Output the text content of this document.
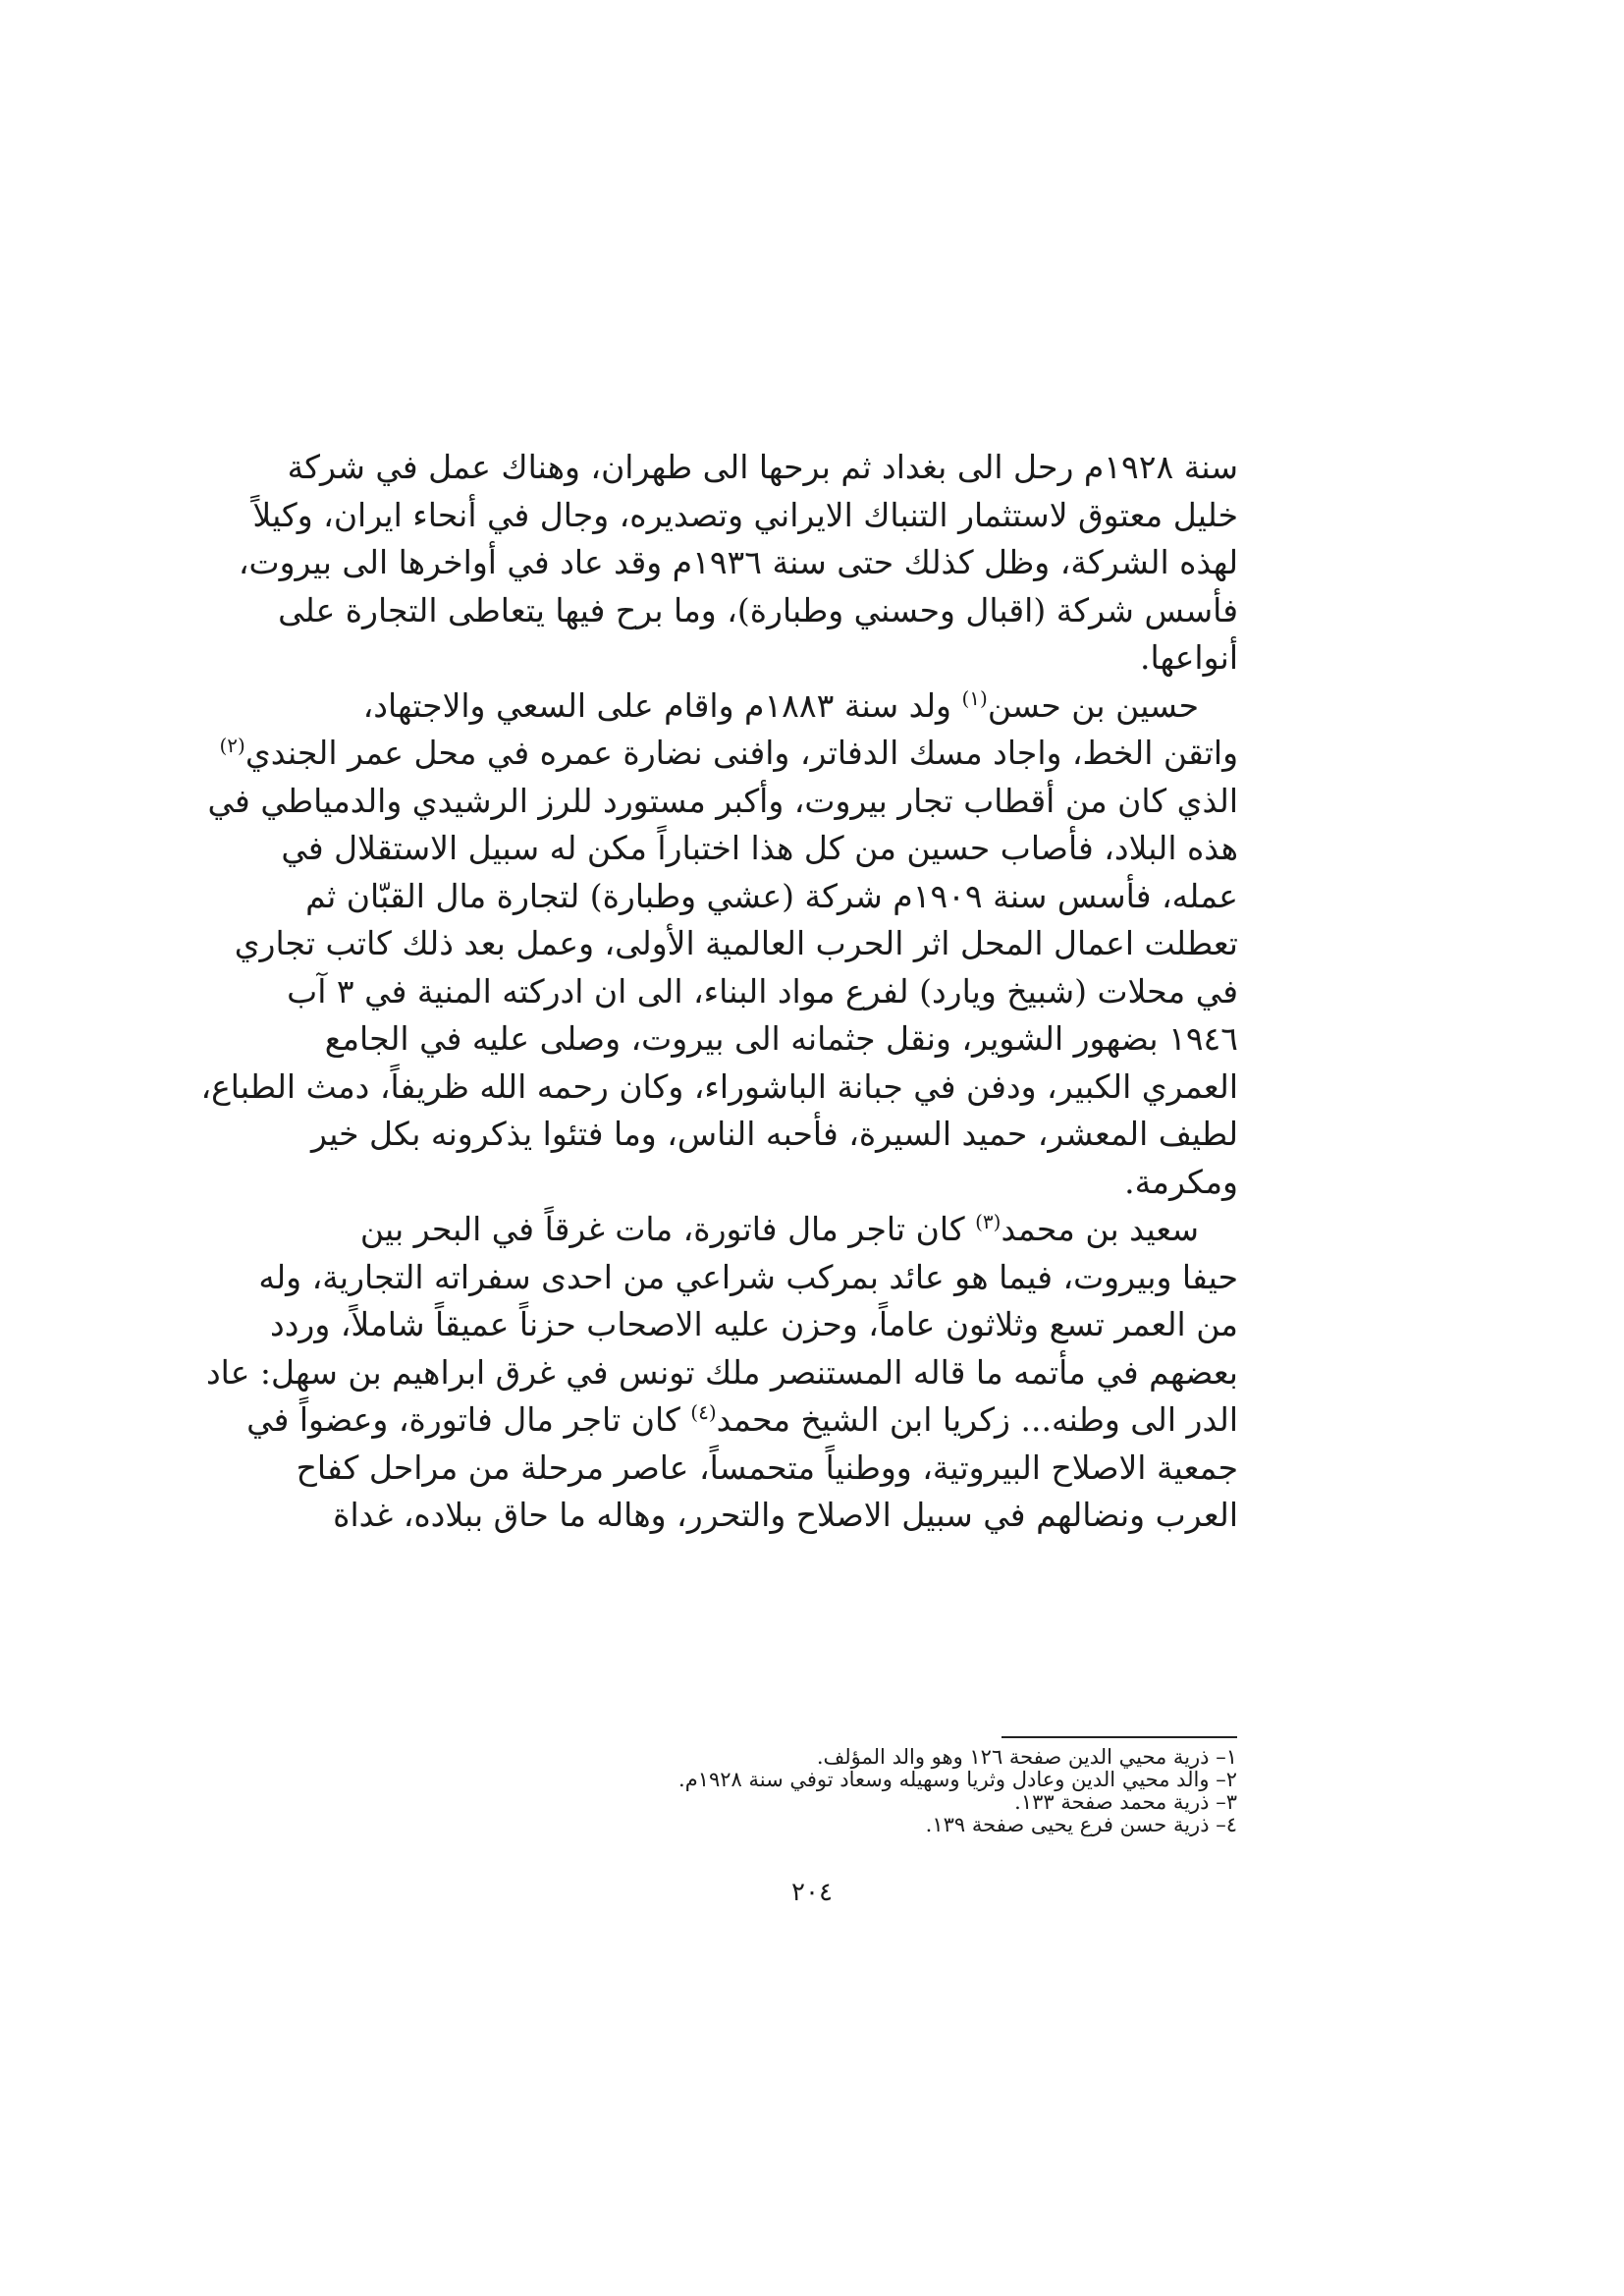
سنة ١٩٢٨م رحل الى بغداد ثم برحها الى طهران، وهناك عمل في شركة
خليل معتوق لاستثمار التنباك الايراني وتصديره، وجال في أنحاء ايران، وكيلاً
لهذه الشركة، وظل كذلك حتى سنة ١٩٣٦م وقد عاد في أواخرها الى بيروت،
فأسس شركة (اقبال وحسني وطبارة)، وما برح فيها يتعاطى التجارة على
أنواعها.
حسين بن حسن$^{(١)}$ ولد سنة ١٨٨٣م واقام على السعي والاجتهاد،
واتقن الخط، واجاد مسك الدفاتر، وافنى نضارة عمره في محل عمر الجندي$^{(٢)}$
الذي كان من أقطاب تجار بيروت، وأكبر مستورد للرز الرشيدي والدمياطي في
هذه البلاد، فأصاب حسين من كل هذا اختباراً مكن له سبيل الاستقلال في
عمله، فأسس سنة ١٩٠٩م شركة (عشي وطبارة) لتجارة مال القبّان ثم
تعطلت اعمال المحل اثر الحرب العالمية الأولى، وعمل بعد ذلك كاتب تجاري
في محلات (شبيخ ويارد) لفرع مواد البناء، الى ان ادركته المنية في ٣ آب
١٩٤٦ بضهور الشوير، ونقل جثمانه الى بيروت، وصلى عليه في الجامع
العمري الكبير، ودفن في جبانة الباشوراء، وكان رحمه الله ظريفاً، دمث الطباع،
لطيف المعشر، حميد السيرة، فأحبه الناس، وما فتئوا يذكرونه بكل خير
ومكرمة.
سعيد بن محمد$^{(٣)}$ كان تاجر مال فاتورة، مات غرقاً في البحر بين
حيفا وبيروت، فيما هو عائد بمركب شراعي من احدى سفراته التجارية، وله
من العمر تسع وثلاثون عاماً، وحزن عليه الاصحاب حزناً عميقاً شاملاً، وردد
بعضهم في مأتمه ما قاله المستنصر ملك تونس في غرق ابراهيم بن سهل: عاد
الدر الى وطنه... زكريا ابن الشيخ محمد$^{(٤)}$ كان تاجر مال فاتورة، وعضواً في
جمعية الاصلاح البيروتية، ووطنياً متحمساً، عاصر مرحلة من مراحل كفاح
العرب ونضالهم في سبيل الاصلاح والتحرر، وهاله ما حاق ببلاده، غداة
١– ذرية محيي الدين صفحة ١٢٦ وهو والد المؤلف.
٢– والد محيي الدين وعادل وثريا وسهيله وسعاد توفي سنة ١٩٢٨م.
٣– ذرية محمد صفحة ١٣٣.
٤– ذرية حسن فرع يحيى صفحة ١٣٩.
٢٠٤
